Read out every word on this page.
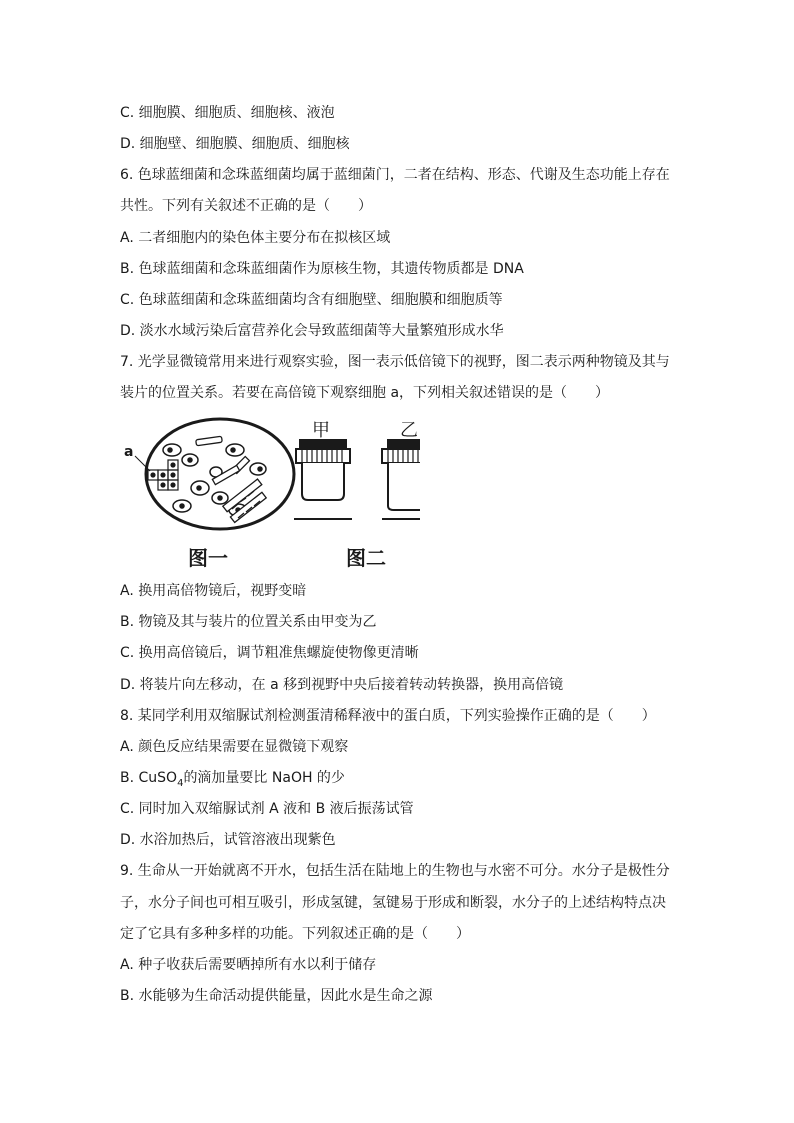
C. 细胞膜、细胞质、细胞核、液泡
D. 细胞壁、细胞膜、细胞质、细胞核
6. 色球蓝细菌和念珠蓝细菌均属于蓝细菌门，二者在结构、形态、代谢及生态功能上存在
共性。下列有关叙述不正确的是（　　）
A. 二者细胞内的染色体主要分布在拟核区域
B. 色球蓝细菌和念珠蓝细菌作为原核生物，其遗传物质都是 DNA
C. 色球蓝细菌和念珠蓝细菌均含有细胞壁、细胞膜和细胞质等
D. 淡水水域污染后富营养化会导致蓝细菌等大量繁殖形成水华
7. 光学显微镜常用来进行观察实验，图一表示低倍镜下的视野，图二表示两种物镜及其与
装片的位置关系。若要在高倍镜下观察细胞 a，下列相关叙述错误的是（　　）
a
甲	乙
图一	图二
A. 换用高倍物镜后，视野变暗
B. 物镜及其与装片的位置关系由甲变为乙
C. 换用高倍镜后，调节粗准焦螺旋使物像更清晰
D. 将装片向左移动，在 a 移到视野中央后接着转动转换器，换用高倍镜
8. 某同学利用双缩脲试剂检测蛋清稀释液中的蛋白质，下列实验操作正确的是（　　）
A. 颜色反应结果需要在显微镜下观察
B. CuSO$_4$的滴加量要比 NaOH 的少
C. 同时加入双缩脲试剂 A 液和 B 液后振荡试管
D. 水浴加热后，试管溶液出现紫色
9. 生命从一开始就离不开水，包括生活在陆地上的生物也与水密不可分。水分子是极性分
子，水分子间也可相互吸引，形成氢键，氢键易于形成和断裂，水分子的上述结构特点决
定了它具有多种多样的功能。下列叙述正确的是（　　）
A. 种子收获后需要晒掉所有水以利于储存
B. 水能够为生命活动提供能量，因此水是生命之源
